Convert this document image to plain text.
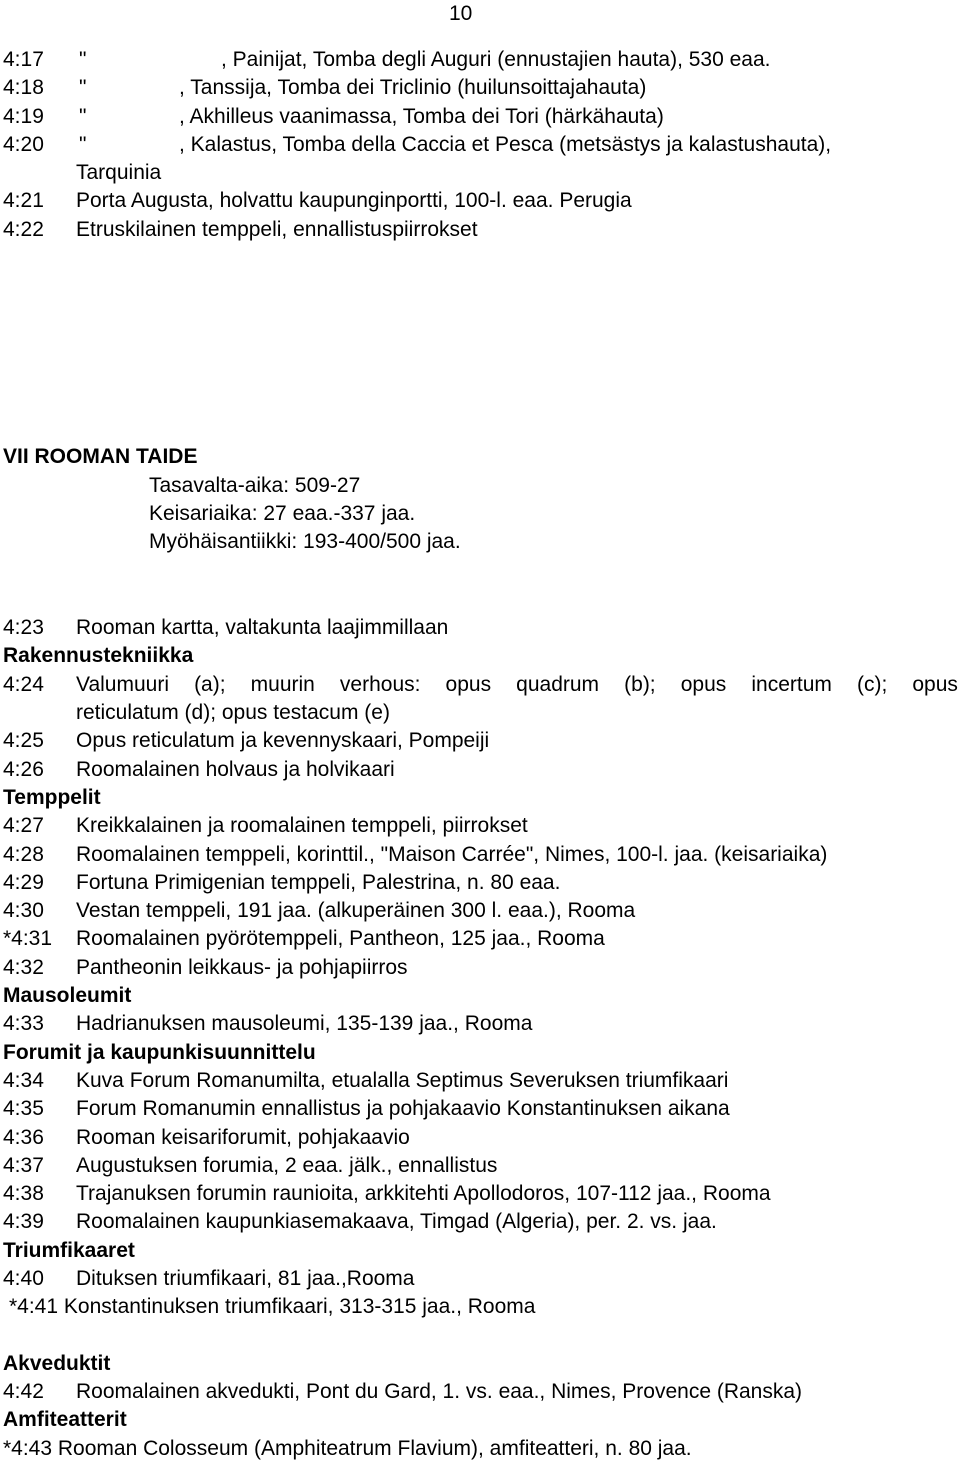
10
4:17 "	, Painijat, Tomba degli Auguri (ennustajien hauta), 530 eaa.
4:18 "	, Tanssija, Tomba dei Triclinio (huilunsoittajahauta)
4:19 "	, Akhilleus vaanimassa, Tomba dei Tori (härkähauta)
4:20 "	, Kalastus, Tomba della Caccia et Pesca (metsästys ja kalastushauta),
Tarquinia
4:21 Porta Augusta, holvattu kaupunginportti, 100-l. eaa. Perugia
4:22 Etruskilainen temppeli, ennallistuspiirrokset
VII ROOMAN TAIDE
Tasavalta-aika: 509-27
Keisariaika: 27 eaa.-337 jaa.
Myöhäisantiikki: 193-400/500 jaa.
4:23 Rooman kartta, valtakunta laajimmillaan
Rakennustekniikka
4:24 Valumuuri (a); muurin verhous: opus quadrum (b); opus incertum (c); opus
reticulatum (d); opus testacum (e)
4:25 Opus reticulatum ja kevennyskaari, Pompeiji
4:26 Roomalainen holvaus ja holvikaari
Temppelit
4:27 Kreikkalainen ja roomalainen temppeli, piirrokset
4:28 Roomalainen temppeli, korinttil., "Maison Carrée", Nimes, 100-l. jaa. (keisariaika)
4:29 Fortuna Primigenian temppeli, Palestrina, n. 80 eaa.
4:30 Vestan temppeli, 191 jaa. (alkuperäinen 300 l. eaa.), Rooma
*4:31 Roomalainen pyörötemppeli, Pantheon, 125 jaa., Rooma
4:32 Pantheonin leikkaus- ja pohjapiirros
Mausoleumit
4:33 Hadrianuksen mausoleumi, 135-139 jaa., Rooma
Forumit ja kaupunkisuunnittelu
4:34 Kuva Forum Romanumilta, etualalla Septimus Severuksen triumfikaari
4:35 Forum Romanumin ennallistus ja pohjakaavio Konstantinuksen aikana
4:36 Rooman keisariforumit, pohjakaavio
4:37 Augustuksen forumia, 2 eaa. jälk., ennallistus
4:38 Trajanuksen forumin raunioita, arkkitehti Apollodoros, 107-112 jaa., Rooma
4:39 Roomalainen kaupunkiasemakaava, Timgad (Algeria), per. 2. vs. jaa.
Triumfikaaret
4:40 Dituksen triumfikaari, 81 jaa.,Rooma
*4:41 Konstantinuksen triumfikaari, 313-315 jaa., Rooma
Akveduktit
4:42 Roomalainen akvedukti, Pont du Gard, 1. vs. eaa., Nimes, Provence (Ranska)
Amfiteatterit
*4:43 Rooman Colosseum (Amphiteatrum Flavium), amfiteatteri, n. 80 jaa.
